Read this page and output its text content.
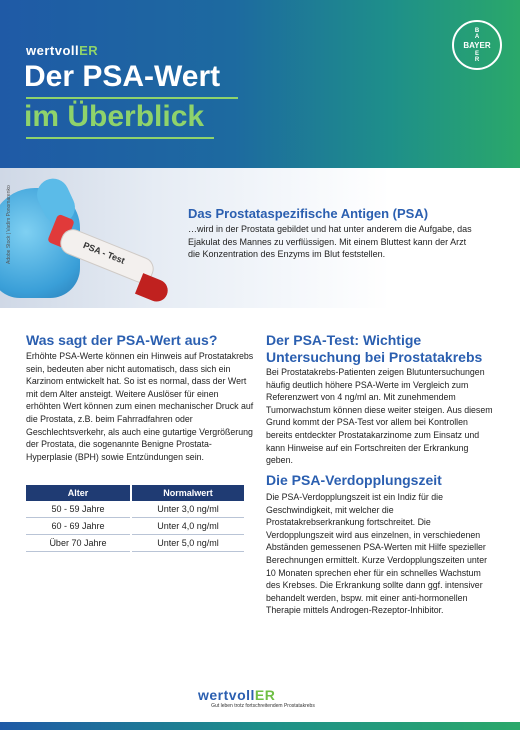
wertvollER
Der PSA-Wert
im Überblick
BAYER
B
A
E
R
PSA - Test
Adobe Stock | Vadim Ponomarenko	Das Prostataspezifische Antigen (PSA)
…wird in der Prostata gebildet und hat unter anderem die Aufgabe, das Ejakulat des Mannes zu verflüssigen. Mit einem Bluttest kann der Arzt die Konzentration des Enzyms im Blut feststellen.
Was sagt der PSA-Wert aus?
Erhöhte PSA-Werte können ein Hinweis auf Prostatakrebs sein, bedeuten aber nicht automatisch, dass sich ein Karzinom entwickelt hat. So ist es normal, dass der Wert mit dem Alter ansteigt. Weitere Auslöser für einen erhöhten Wert können zum einen mechanischer Druck auf die Prostata, z.B. beim Fahrradfahren oder Geschlechtsverkehr, als auch eine gutartige Vergrößerung der Prostata, die sogenannte Benigne Prostata-Hyperplasie (BPH) sowie Entzündungen sein.
Alter	Normalwert
50 - 59 Jahre	Unter 3,0 ng/ml
60 - 69 Jahre	Unter 4,0 ng/ml
Über 70 Jahre	Unter 5,0 ng/ml
Der PSA-Test: Wichtige Untersuchung bei Prostatakrebs
Bei Prostatakrebs-Patienten zeigen Blutuntersuchungen häufig deutlich höhere PSA-Werte im Vergleich zum Referenzwert von 4 ng/ml an. Mit zunehmendem Tumorwachstum können diese weiter steigen. Aus diesem Grund kommt der PSA-Test vor allem bei Kontrollen bereits entdeckter Prostatakarzinome zum Einsatz und kann Hinweise auf ein Fortschreiten der Erkrankung geben.
Die PSA-Verdopplungszeit
Die PSA-Verdopplungszeit ist ein Indiz für die Geschwindigkeit, mit welcher die Prostatakrebserkrankung fortschreitet. Die Verdopplungszeit wird aus einzelnen, in verschiedenen Abständen gemessenen PSA-Werten mit Hilfe spezieller Berechnungen ermittelt. Kurze Verdopplungszeiten unter 10 Monaten sprechen eher für ein schnelles Wachstum des Krebses. Die Erkrankung sollte dann ggf. intensiver behandelt werden, bspw. mit einer anti-hormonellen Therapie mittels Androgen-Rezeptor-Inhibitor.
wertvollER
Gut leben trotz fortschreitendem Prostatakrebs
